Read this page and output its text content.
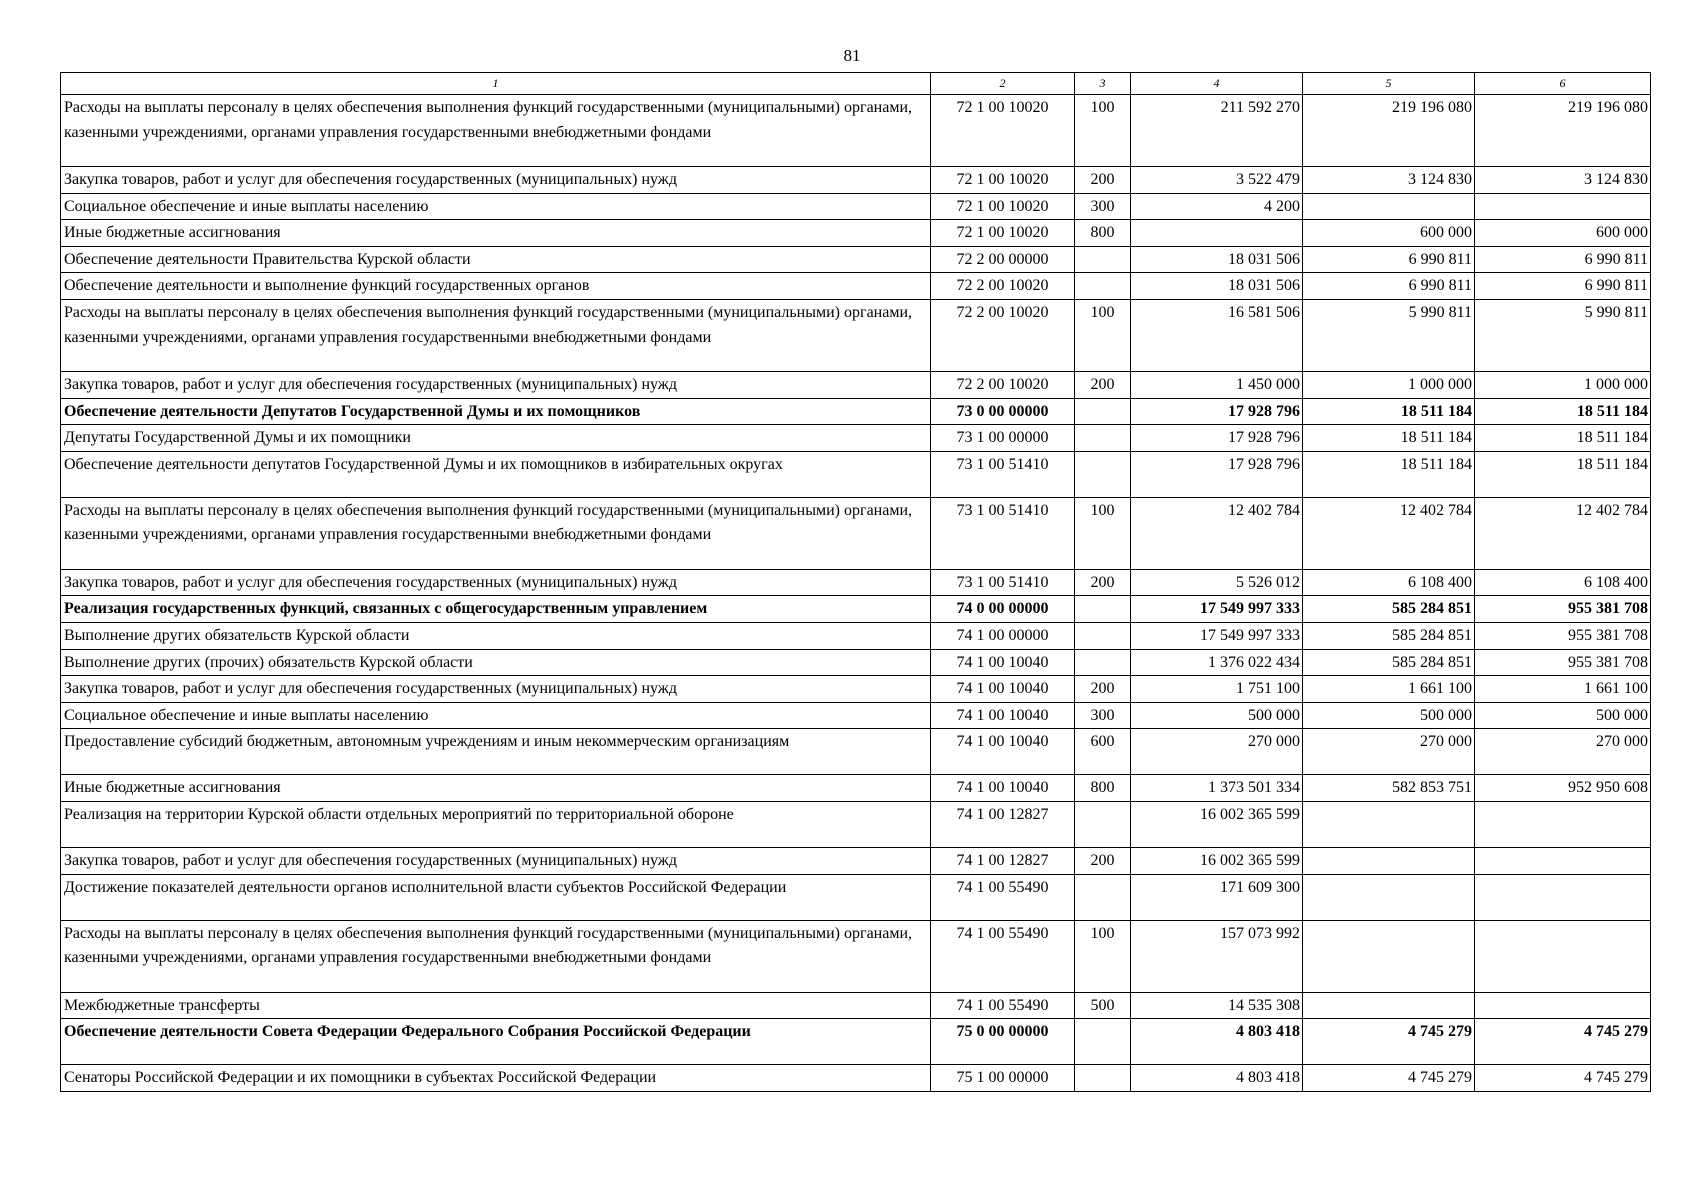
81
1	2	3	4	5	6
Расходы на выплаты персоналу в целях обеспечения выполнения функций государственными (муниципальными) органами, казенными учреждениями, органами управления государственными внебюджетными фондами	72 1 00 10020	100	211 592 270	219 196 080	219 196 080
Закупка товаров, работ и услуг для обеспечения государственных (муниципальных) нужд	72 1 00 10020	200	3 522 479	3 124 830	3 124 830
Социальное обеспечение и иные выплаты населению	72 1 00 10020	300	4 200		
Иные бюджетные ассигнования	72 1 00 10020	800		600 000	600 000
Обеспечение деятельности Правительства Курской области	72 2 00 00000		18 031 506	6 990 811	6 990 811
Обеспечение деятельности и выполнение функций государственных органов	72 2 00 10020		18 031 506	6 990 811	6 990 811
Расходы на выплаты персоналу в целях обеспечения выполнения функций государственными (муниципальными) органами, казенными учреждениями, органами управления государственными внебюджетными фондами	72 2 00 10020	100	16 581 506	5 990 811	5 990 811
Закупка товаров, работ и услуг для обеспечения государственных (муниципальных) нужд	72 2 00 10020	200	1 450 000	1 000 000	1 000 000
Обеспечение деятельности Депутатов Государственной Думы и их помощников	73 0 00 00000		17 928 796	18 511 184	18 511 184
Депутаты Государственной Думы и их помощники	73 1 00 00000		17 928 796	18 511 184	18 511 184
Обеспечение деятельности депутатов Государственной Думы и их помощников в избирательных округах	73 1 00 51410		17 928 796	18 511 184	18 511 184
Расходы на выплаты персоналу в целях обеспечения выполнения функций государственными (муниципальными) органами, казенными учреждениями, органами управления государственными внебюджетными фондами	73 1 00 51410	100	12 402 784	12 402 784	12 402 784
Закупка товаров, работ и услуг для обеспечения государственных (муниципальных) нужд	73 1 00 51410	200	5 526 012	6 108 400	6 108 400
Реализация государственных функций, связанных с общегосударственным управлением	74 0 00 00000		17 549 997 333	585 284 851	955 381 708
Выполнение других обязательств Курской области	74 1 00 00000		17 549 997 333	585 284 851	955 381 708
Выполнение других (прочих) обязательств Курской области	74 1 00 10040		1 376 022 434	585 284 851	955 381 708
Закупка товаров, работ и услуг для обеспечения государственных (муниципальных) нужд	74 1 00 10040	200	1 751 100	1 661 100	1 661 100
Социальное обеспечение и иные выплаты населению	74 1 00 10040	300	500 000	500 000	500 000
Предоставление субсидий бюджетным, автономным учреждениям и иным некоммерческим организациям	74 1 00 10040	600	270 000	270 000	270 000
Иные бюджетные ассигнования	74 1 00 10040	800	1 373 501 334	582 853 751	952 950 608
Реализация на территории Курской области отдельных мероприятий по территориальной обороне	74 1 00 12827		16 002 365 599		
Закупка товаров, работ и услуг для обеспечения государственных (муниципальных) нужд	74 1 00 12827	200	16 002 365 599		
Достижение показателей деятельности органов исполнительной власти субъектов Российской Федерации	74 1 00 55490		171 609 300		
Расходы на выплаты персоналу в целях обеспечения выполнения функций государственными (муниципальными) органами, казенными учреждениями, органами управления государственными внебюджетными фондами	74 1 00 55490	100	157 073 992		
Межбюджетные трансферты	74 1 00 55490	500	14 535 308		
Обеспечение деятельности Совета Федерации Федерального Собрания Российской Федерации	75 0 00 00000		4 803 418	4 745 279	4 745 279
Сенаторы Российской Федерации и их помощники в субъектах Российской Федерации	75 1 00 00000		4 803 418	4 745 279	4 745 279
